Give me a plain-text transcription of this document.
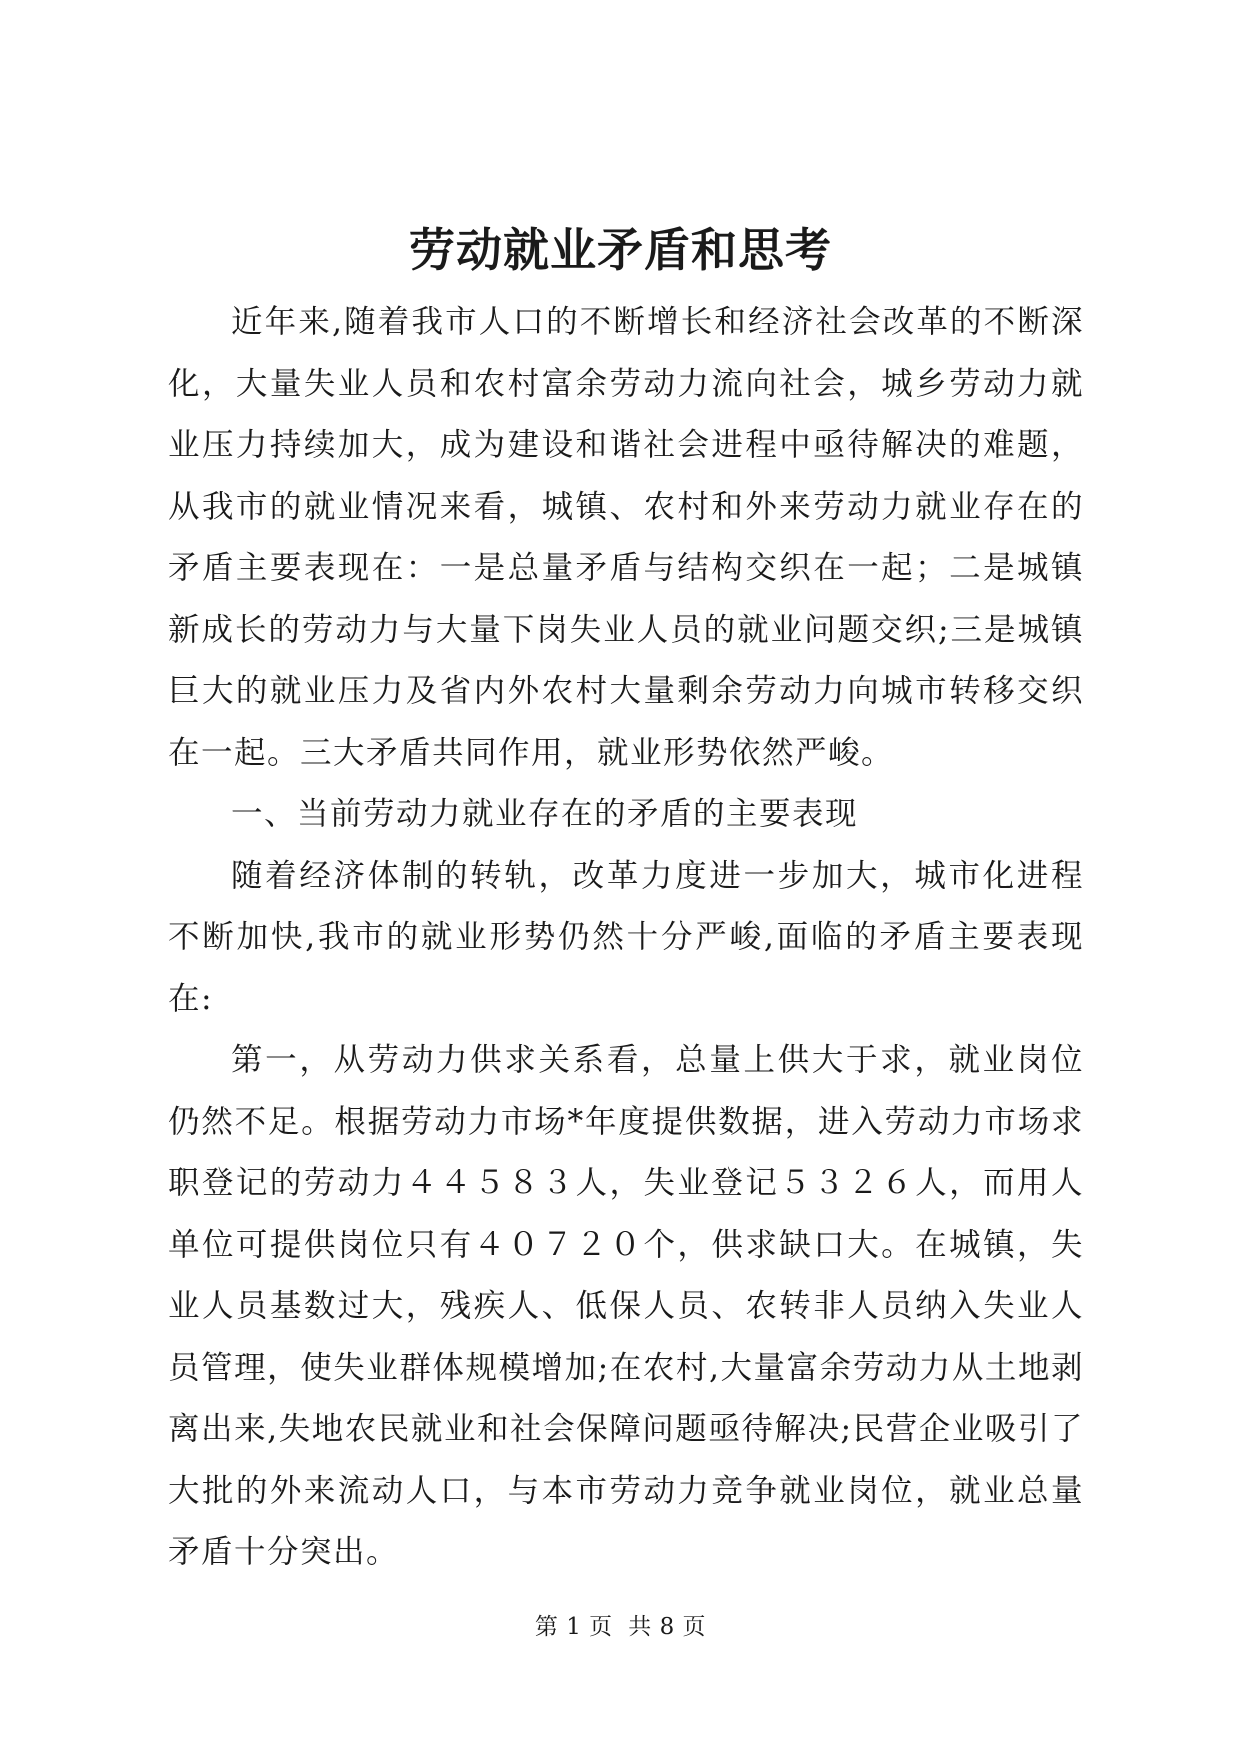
劳动就业矛盾和思考

近年来,随着我市人口的不断增长和经济社会改革的不断深化，大量失业人员和农村富余劳动力流向社会，城乡劳动力就业压力持续加大，成为建设和谐社会进程中亟待解决的难题，从我市的就业情况来看，城镇、农村和外来劳动力就业存在的矛盾主要表现在：一是总量矛盾与结构交织在一起；二是城镇新成长的劳动力与大量下岗失业人员的就业问题交织;三是城镇巨大的就业压力及省内外农村大量剩余劳动力向城市转移交织在一起。三大矛盾共同作用，就业形势依然严峻。

一、当前劳动力就业存在的矛盾的主要表现

随着经济体制的转轨，改革力度进一步加大，城市化进程不断加快,我市的就业形势仍然十分严峻,面临的矛盾主要表现在:

第一，从劳动力供求关系看，总量上供大于求，就业岗位仍然不足。根据劳动力市场*年度提供数据，进入劳动力市场求职登记的劳动力４４５８３人，失业登记５３２６人，而用人单位可提供岗位只有４０７２０个，供求缺口大。在城镇，失业人员基数过大，残疾人、低保人员、农转非人员纳入失业人员管理，使失业群体规模增加;在农村,大量富余劳动力从土地剥离出来,失地农民就业和社会保障问题亟待解决;民营企业吸引了大批的外来流动人口，与本市劳动力竞争就业岗位，就业总量矛盾十分突出。

第 1 页  共 8 页
